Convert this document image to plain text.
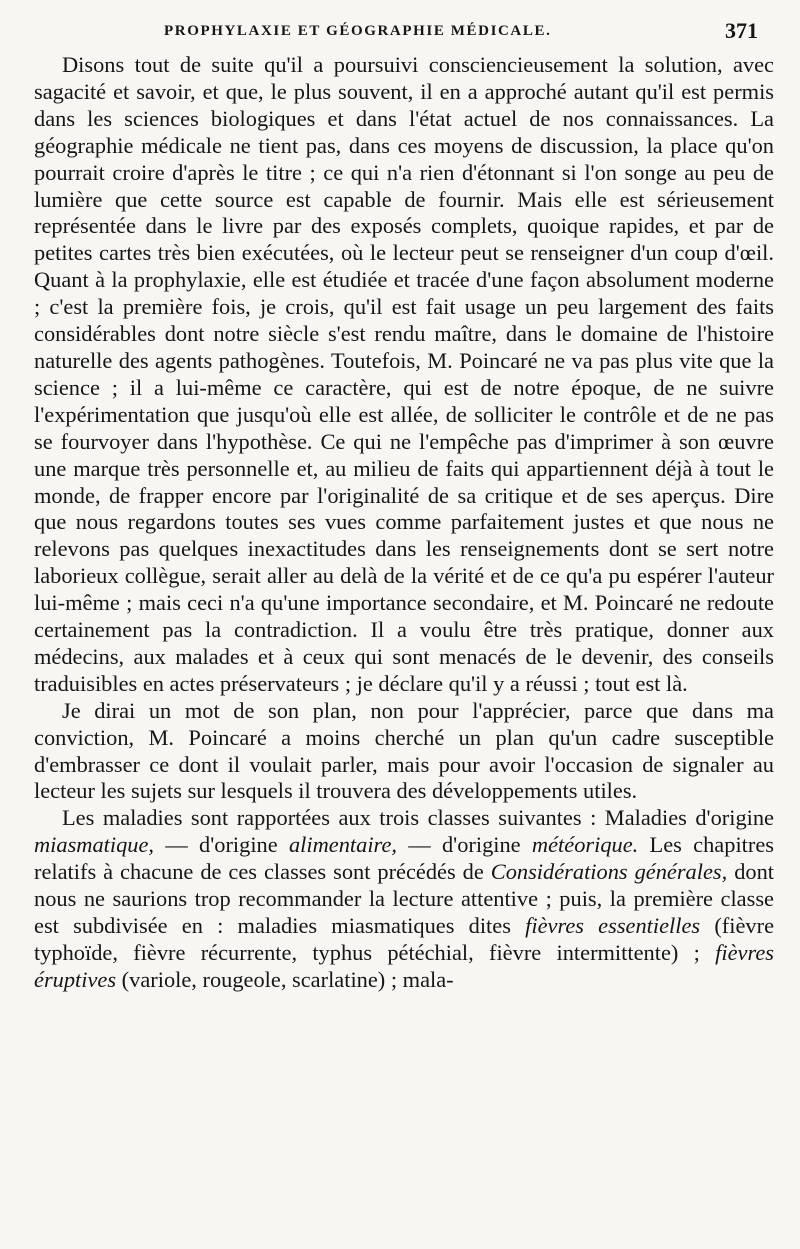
PROPHYLAXIE ET GÉOGRAPHIE MÉDICALE.	371

Disons tout de suite qu'il a poursuivi consciencieusement la solution, avec sagacité et savoir, et que, le plus souvent, il en a approché autant qu'il est permis dans les sciences biologiques et dans l'état actuel de nos connaissances. La géographie médicale ne tient pas, dans ces moyens de discussion, la place qu'on pourrait croire d'après le titre ; ce qui n'a rien d'étonnant si l'on songe au peu de lumière que cette source est capable de fournir. Mais elle est sérieusement représentée dans le livre par des exposés complets, quoique rapides, et par de petites cartes très bien exécutées, où le lecteur peut se renseigner d'un coup d'œil. Quant à la prophylaxie, elle est étudiée et tracée d'une façon absolument moderne ; c'est la première fois, je crois, qu'il est fait usage un peu largement des faits considérables dont notre siècle s'est rendu maître, dans le domaine de l'histoire naturelle des agents pathogènes. Toutefois, M. Poincaré ne va pas plus vite que la science ; il a lui-même ce caractère, qui est de notre époque, de ne suivre l'expérimentation que jusqu'où elle est allée, de solliciter le contrôle et de ne pas se fourvoyer dans l'hypothèse. Ce qui ne l'empêche pas d'imprimer à son œuvre une marque très personnelle et, au milieu de faits qui appartiennent déjà à tout le monde, de frapper encore par l'originalité de sa critique et de ses aperçus. Dire que nous regardons toutes ses vues comme parfaitement justes et que nous ne relevons pas quelques inexactitudes dans les renseignements dont se sert notre laborieux collègue, serait aller au delà de la vérité et de ce qu'a pu espérer l'auteur lui-même ; mais ceci n'a qu'une importance secondaire, et M. Poincaré ne redoute certainement pas la contradiction. Il a voulu être très pratique, donner aux médecins, aux malades et à ceux qui sont menacés de le devenir, des conseils traduisibles en actes préservateurs ; je déclare qu'il y a réussi ; tout est là.

Je dirai un mot de son plan, non pour l'apprécier, parce que dans ma conviction, M. Poincaré a moins cherché un plan qu'un cadre susceptible d'embrasser ce dont il voulait parler, mais pour avoir l'occasion de signaler au lecteur les sujets sur lesquels il trouvera des développements utiles.

Les maladies sont rapportées aux trois classes suivantes : Maladies d'origine miasmatique, — d'origine alimentaire, — d'origine météorique. Les chapitres relatifs à chacune de ces classes sont précédés de Considérations générales, dont nous ne saurions trop recommander la lecture attentive ; puis, la première classe est subdivisée en : maladies miasmatiques dites fièvres essentielles (fièvre typhoïde, fièvre récurrente, typhus pétéchial, fièvre intermittente) ; fièvres éruptives (variole, rougeole, scarlatine) ; mala-
